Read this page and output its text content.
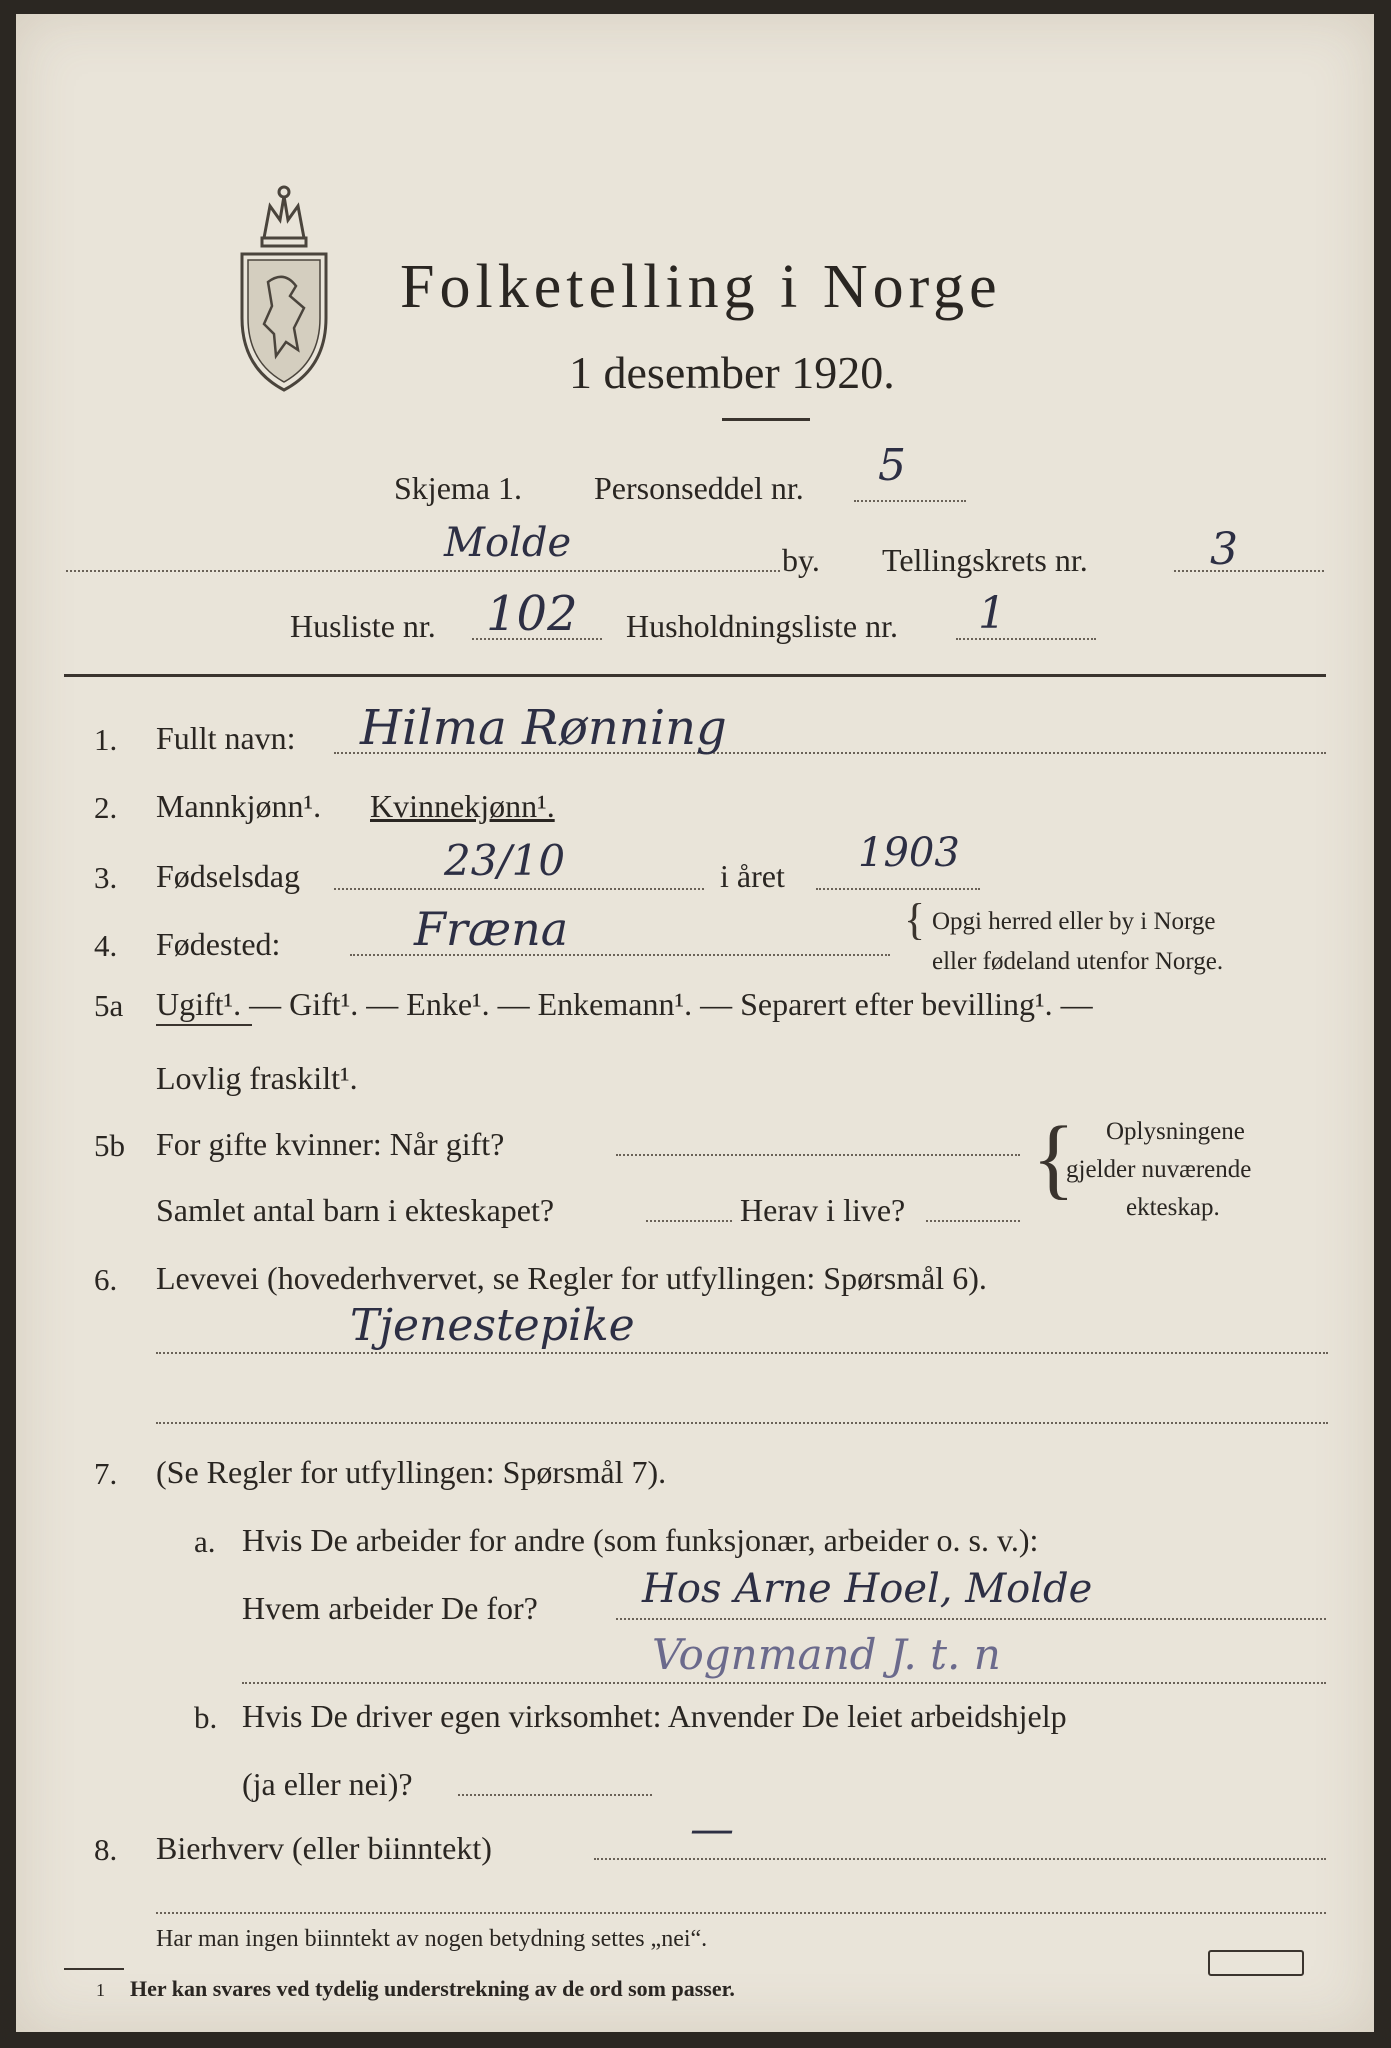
Folketelling i Norge
1 desember 1920.
Skjema 1. Personseddel nr. 5
Molde	by. Tellingskrets nr.	3
Husliste nr. 102 Husholdningsliste nr. 1
1. Fullt navn: Hilma Rønning
2. Mannkjønn¹. Kvinnekjønn¹.
3. Fødselsdag	23/10	i året 1903
4. Fødested:	Fræna	{ Opgi herred eller by i Norge
eller fødeland utenfor Norge.
5a Ugift¹. — Gift¹. — Enke¹. — Enkemann¹. — Separert efter bevilling¹. —
Lovlig fraskilt¹.
5b For gifte kvinner: Når gift?
Samlet antal barn i ekteskapet?	Herav i live?
{ Oplysningene
gjelder nuværende
ekteskap.
6. Levevei (hovederhvervet, se Regler for utfyllingen: Spørsmål 6).
Tjenestepike
7. (Se Regler for utfyllingen: Spørsmål 7).
a. Hvis De arbeider for andre (som funksjonær, arbeider o. s. v.):
Hvem arbeider De for?	Hos Arne Hoel, Molde
Vognmand J. t. n
b. Hvis De driver egen virksomhet: Anvender De leiet arbeidshjelp
(ja eller nei)?
8. Bierhverv (eller biinntekt)	—
Har man ingen biinntekt av nogen betydning settes „nei“.
1 Her kan svares ved tydelig understrekning av de ord som passer.
